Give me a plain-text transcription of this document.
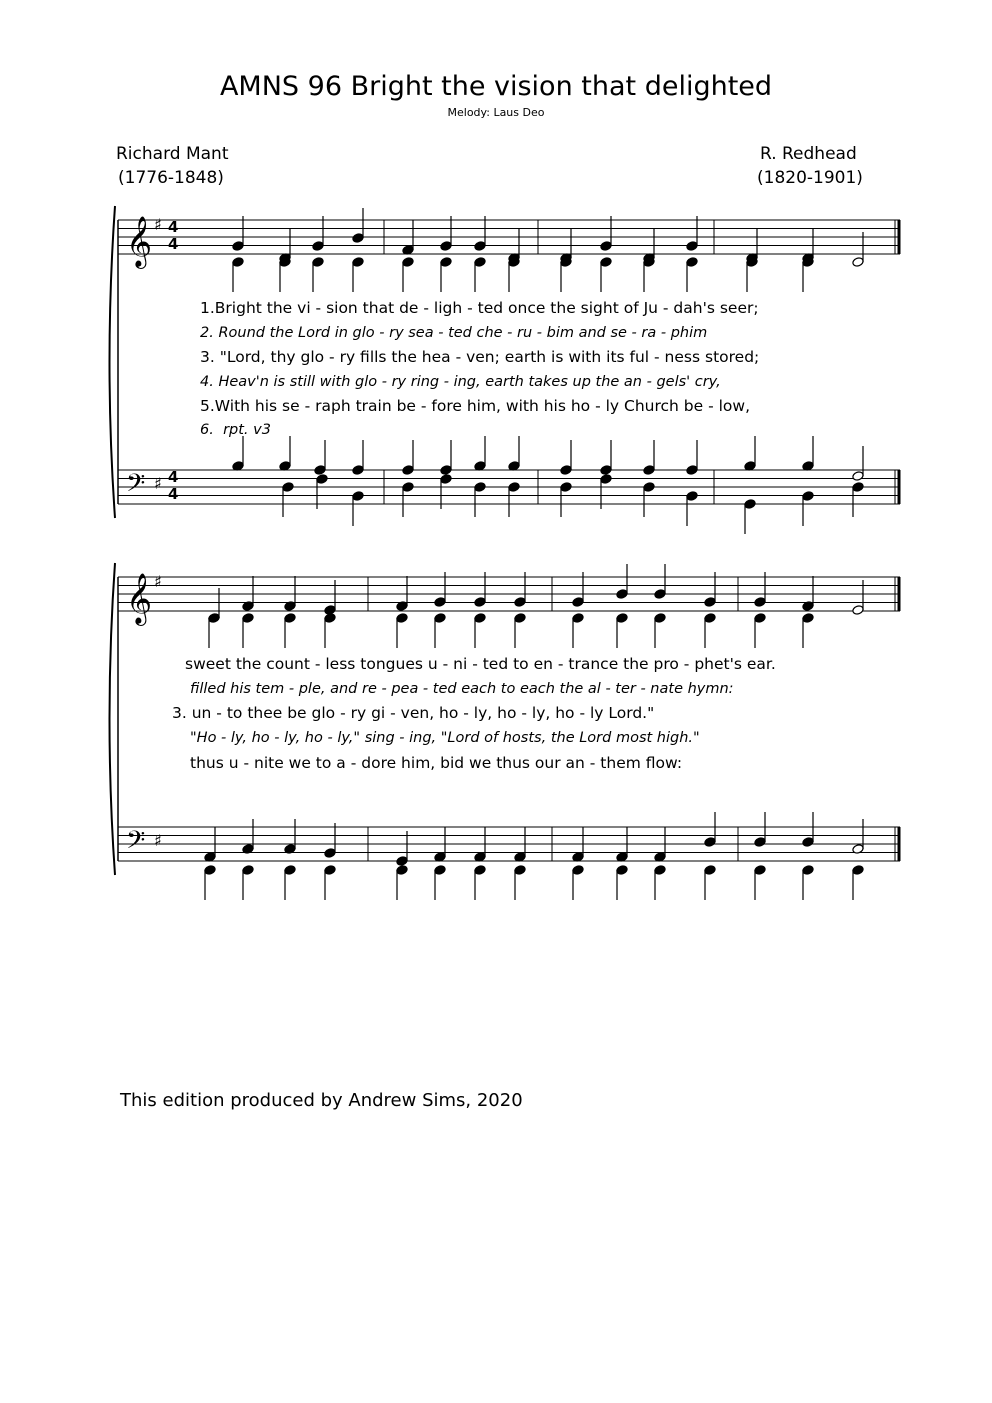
AMNS 96 Bright the vision that delighted
Melody: Laus Deo
Richard Mant
(1776-1848)
R. Redhead
(1820-1901)
𝄞
𝄢
♯
♯
4
4
4
4
𝄞
𝄢
♯
♯
1.Bright the vi - sion that de - ligh - ted once the sight of Ju - dah's seer;
2. Round the Lord in glo - ry sea - ted che - ru - bim and se - ra - phim
3. "Lord, thy glo - ry fills the hea - ven; earth is with its ful - ness stored;
4. Heav'n is still with glo - ry ring - ing, earth takes up the an - gels' cry,
5.With his se - raph train be - fore him, with his ho - ly Church be - low,
6. rpt. v3
sweet the count - less tongues u - ni - ted to en - trance the pro - phet's ear.
filled his tem - ple, and re - pea - ted each to each the al - ter - nate hymn:
3. un - to thee be glo - ry gi - ven, ho - ly, ho - ly, ho - ly Lord."
"Ho - ly, ho - ly, ho - ly," sing - ing, "Lord of hosts, the Lord most high."
thus u - nite we to a - dore him, bid we thus our an - them flow:
This edition produced by Andrew Sims, 2020
